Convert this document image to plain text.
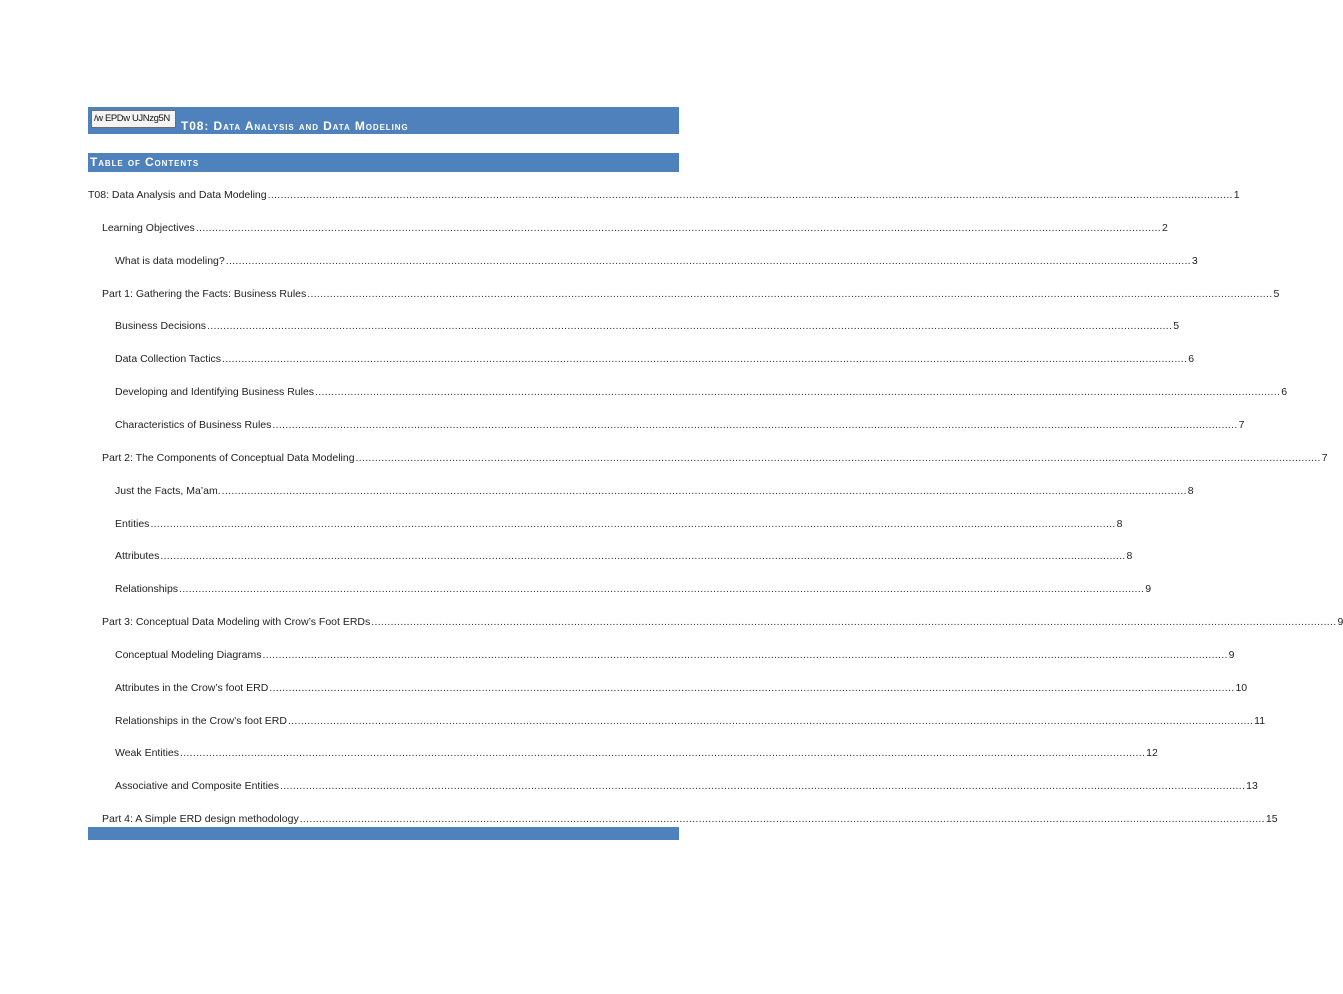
/w EPDw UJNzg5N
T08: Data Analysis and Data Modeling
Table of Contents
T08: Data Analysis and Data Modeling ............................................................................................................................................................................................................................................................................................................ 1
Learning Objectives ............................................................................................................................................................................................................................................................................................................ 2
What is data modeling? ............................................................................................................................................................................................................................................................................................................ 3
Part 1: Gathering the Facts: Business Rules ............................................................................................................................................................................................................................................................................................................ 5
Business Decisions ............................................................................................................................................................................................................................................................................................................ 5
Data Collection Tactics ............................................................................................................................................................................................................................................................................................................ 6
Developing and Identifying Business Rules ............................................................................................................................................................................................................................................................................................................ 6
Characteristics of Business Rules ............................................................................................................................................................................................................................................................................................................ 7
Part 2: The Components of Conceptual Data Modeling ............................................................................................................................................................................................................................................................................................................ 7
Just the Facts, Ma’am. ............................................................................................................................................................................................................................................................................................................ 8
Entities ............................................................................................................................................................................................................................................................................................................ 8
Attributes ............................................................................................................................................................................................................................................................................................................ 8
Relationships ............................................................................................................................................................................................................................................................................................................ 9
Part 3: Conceptual Data Modeling with Crow’s Foot ERDs ............................................................................................................................................................................................................................................................................................................ 9
Conceptual Modeling Diagrams ............................................................................................................................................................................................................................................................................................................ 9
Attributes in the Crow’s foot ERD ............................................................................................................................................................................................................................................................................................................ 10
Relationships in the Crow’s foot ERD ............................................................................................................................................................................................................................................................................................................ 11
Weak Entities ............................................................................................................................................................................................................................................................................................................ 12
Associative and Composite Entities ............................................................................................................................................................................................................................................................................................................ 13
Part 4: A Simple ERD design methodology ............................................................................................................................................................................................................................................................................................................ 15
